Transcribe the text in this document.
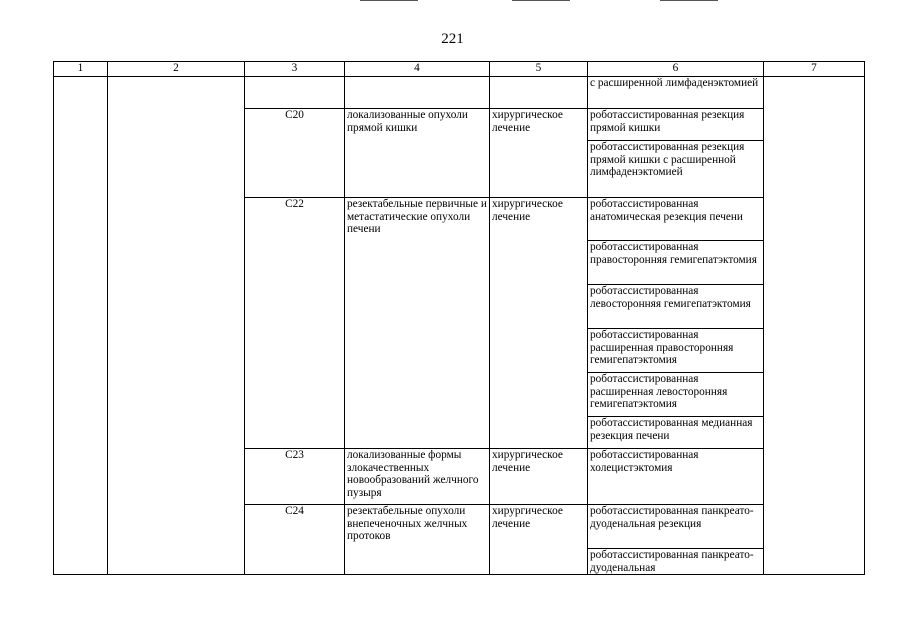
221
1	2	3	4	5	6	7
					с расширенной лимфаденэктомией	
		C20	локализованные опухоли прямой кишки	хирургическое лечение	роботассистированная резекция прямой кишки	
					роботассистированная резекция прямой кишки с расширенной лимфаденэктомией	
		C22	резектабельные первичные и метастатические опухоли печени	хирургическое лечение	роботассистированная анатомическая резекция печени	
					роботассистированная правосторонняя гемигепатэктомия	
					роботассистированная левосторонняя гемигепатэктомия	
					роботассистированная расширенная правосторонняя гемигепатэктомия	
					роботассистированная расширенная левосторонняя гемигепатэктомия	
					роботассистированная медианная резекция печени	
		C23	локализованные формы злокачественных новообразований желчного пузыря	хирургическое лечение	роботассистированная холецистэктомия	
		C24	резектабельные опухоли внепеченочных желчных протоков	хирургическое лечение	роботассистированная панкреато-дуоденальная резекция	
					роботассистированная панкреато-дуоденальная	
